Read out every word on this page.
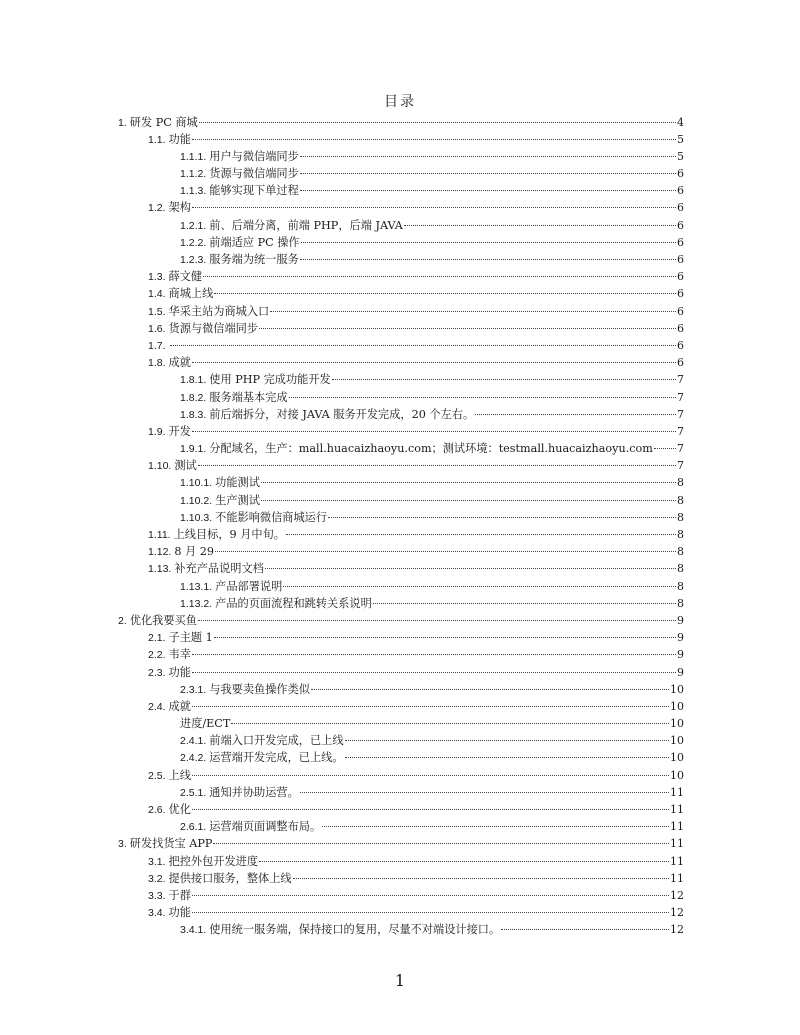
目录
1. 研发 PC 商城	4
1.1. 功能	5
1.1.1. 用户与微信端同步	5
1.1.2. 货源与微信端同步	6
1.1.3. 能够实现下单过程	6
1.2. 架构	6
1.2.1. 前、后端分离，前端 PHP，后端 JAVA	6
1.2.2. 前端适应 PC 操作	6
1.2.3. 服务端为统一服务	6
1.3. 薛文健	6
1.4. 商城上线	6
1.5. 华采主站为商城入口	6
1.6. 货源与微信端同步	6
1.7.	6
1.8. 成就	6
1.8.1. 使用 PHP 完成功能开发	7
1.8.2. 服务端基本完成	7
1.8.3. 前后端拆分，对接 JAVA 服务开发完成，20 个左右。	7
1.9. 开发	7
1.9.1. 分配域名，生产：mall.huacaizhaoyu.com；测试环境：testmall.huacaizhaoyu.com 7
1.10. 测试	7
1.10.1. 功能测试	8
1.10.2. 生产测试	8
1.10.3. 不能影响微信商城运行	8
1.11. 上线目标，9 月中旬。	8
1.12. 8 月 29	8
1.13. 补充产品说明文档	8
1.13.1. 产品部署说明	8
1.13.2. 产品的页面流程和跳转关系说明	8
2. 优化我要买鱼	9
2.1. 子主题 1	9
2.2. 韦幸	9
2.3. 功能	9
2.3.1. 与我要卖鱼操作类似	10
2.4. 成就	10
进度/ECT	10
2.4.1. 前端入口开发完成，已上线	10
2.4.2. 运营端开发完成，已上线。	10
2.5. 上线	10
2.5.1. 通知并协助运营。	11
2.6. 优化	11
2.6.1. 运营端页面调整布局。	11
3. 研发找货宝 APP	11
3.1. 把控外包开发进度	11
3.2. 提供接口服务，整体上线	11
3.3. 于群	12
3.4. 功能	12
3.4.1. 使用统一服务端，保持接口的复用，尽量不对端设计接口。	12
1
